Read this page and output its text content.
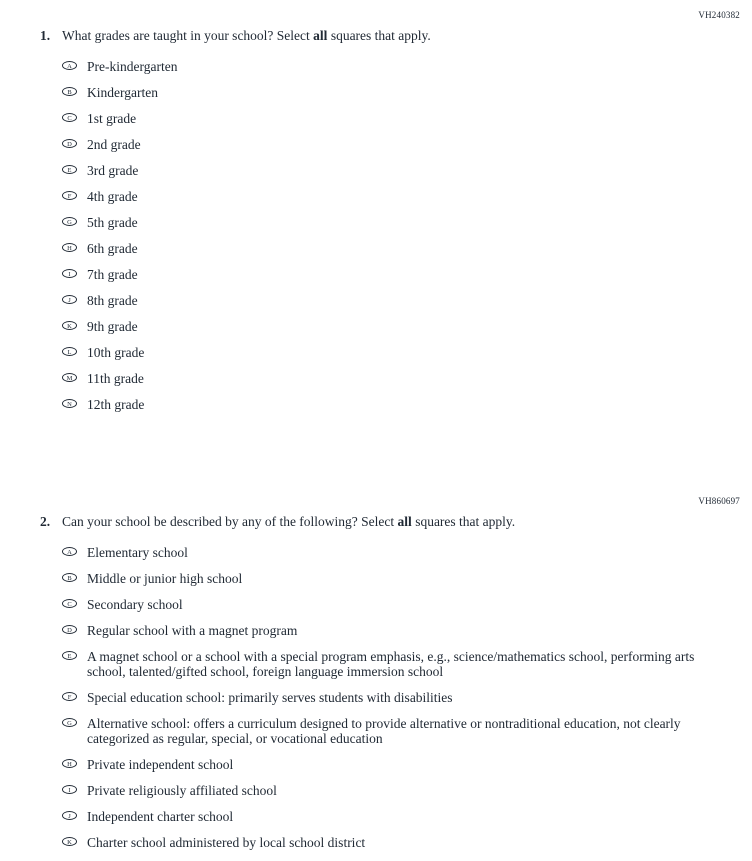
VH240382
1. What grades are taught in your school? Select all squares that apply.
A	Pre-kindergarten
B	Kindergarten
C	1st grade
D	2nd grade
E	3rd grade
F	4th grade
G	5th grade
H	6th grade
I	7th grade
J	8th grade
K	9th grade
L	10th grade
M	11th grade
N	12th grade
VH860697
2. Can your school be described by any of the following? Select all squares that apply.
A	Elementary school
B	Middle or junior high school
C	Secondary school
D	Regular school with a magnet program
E	A magnet school or a school with a special program emphasis, e.g., science/mathematics school, performing arts school, talented/gifted school, foreign language immersion school
F	Special education school: primarily serves students with disabilities
G	Alternative school: offers a curriculum designed to provide alternative or nontraditional education, not clearly categorized as regular, special, or vocational education
H	Private independent school
I	Private religiously affiliated school
J	Independent charter school
K	Charter school administered by local school district
